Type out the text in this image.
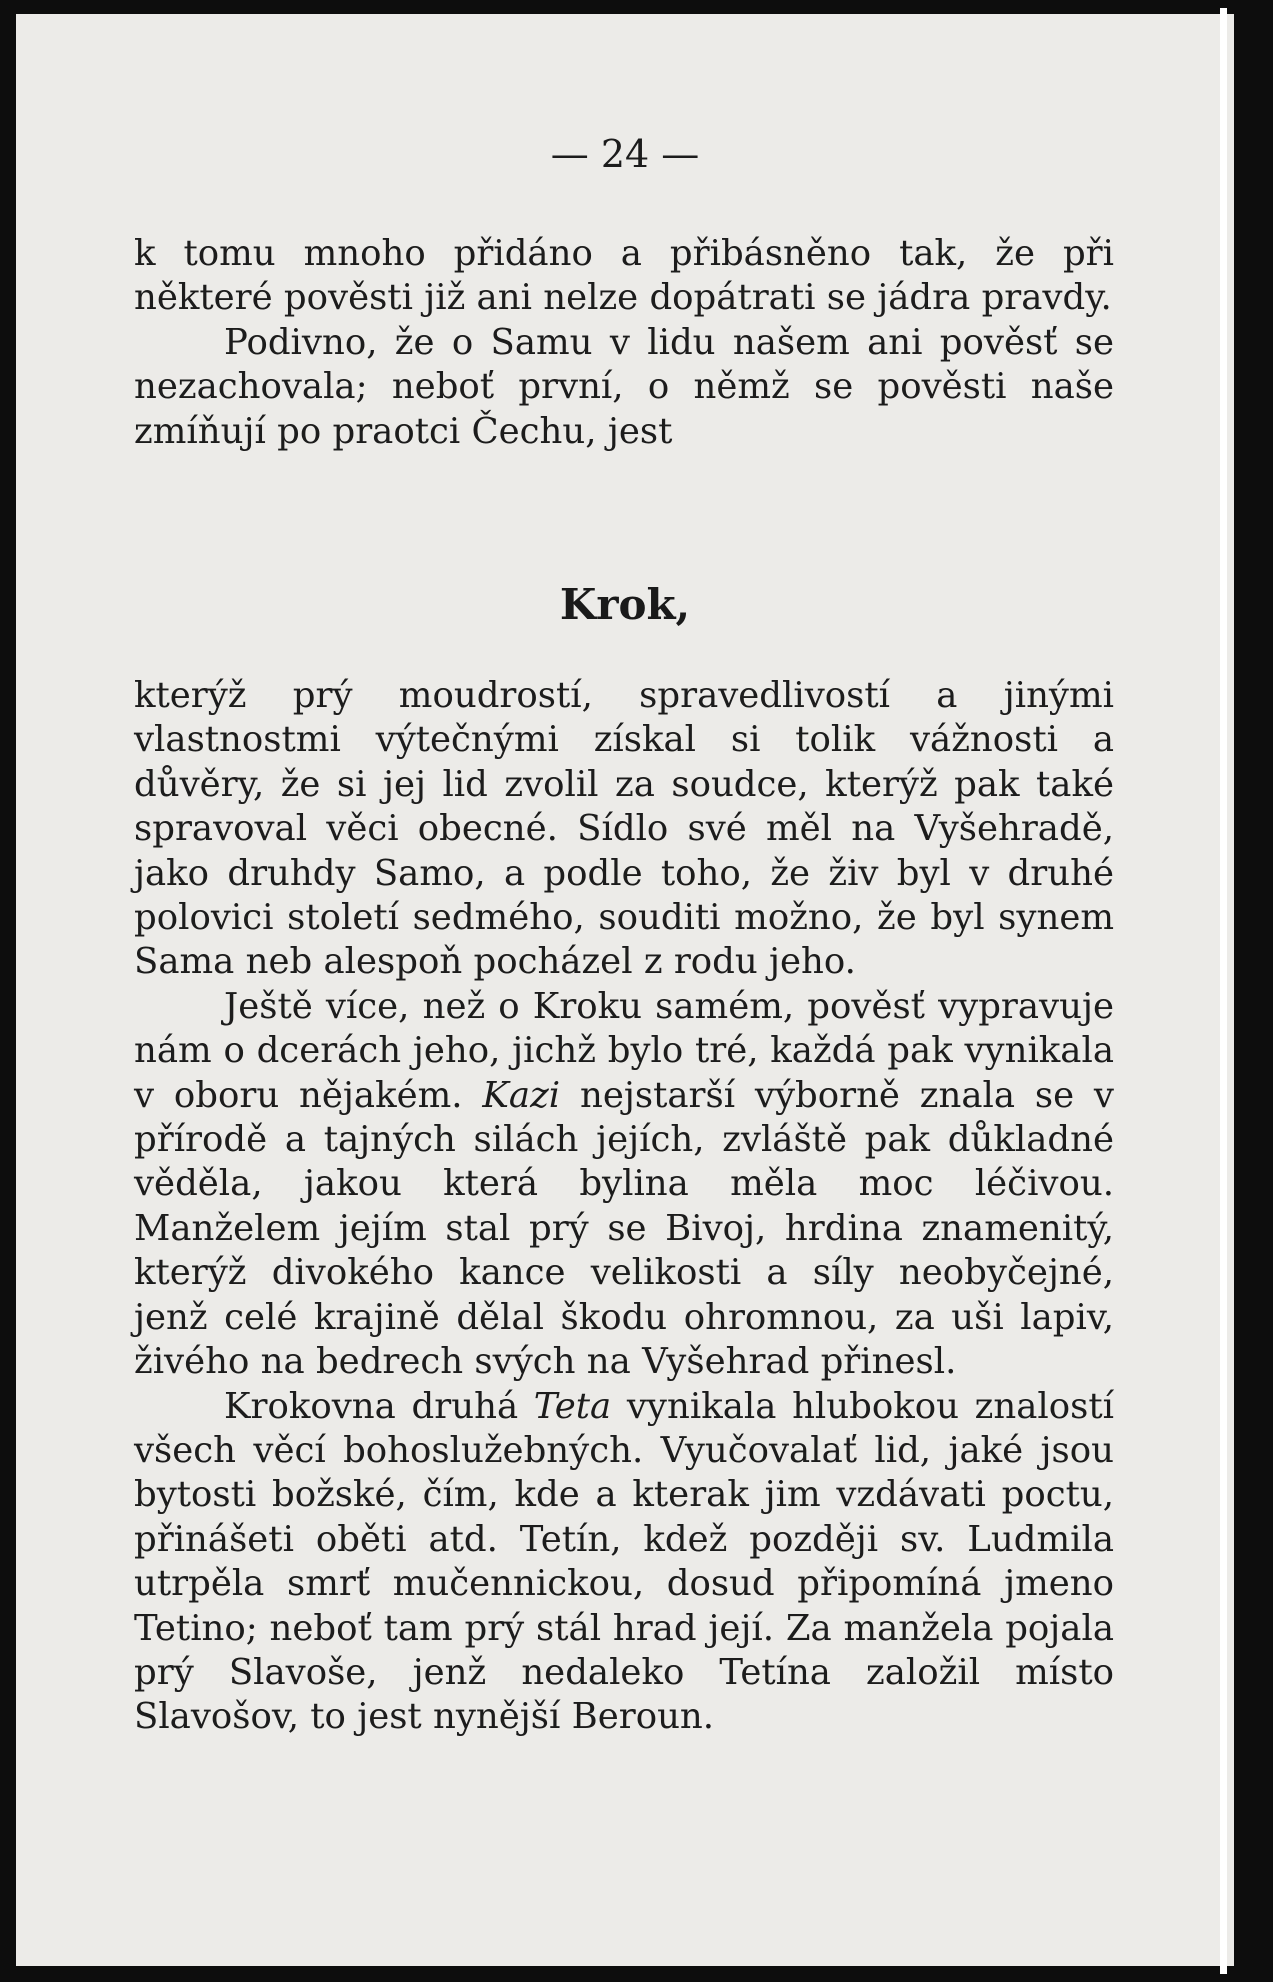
— 24 —

k tomu mnoho přidáno a přibásněno tak, že při některé pověsti již ani nelze dopátrati se jádra pravdy.

Podivno, že o Samu v lidu našem ani pověsť se nezachovala; neboť první, o němž se pověsti naše zmíňují po praotci Čechu, jest

Krok,

kterýž prý moudrostí, spravedlivostí a jinými vlastnostmi výtečnými získal si tolik vážnosti a důvěry, že si jej lid zvolil za soudce, kterýž pak také spravoval věci obecné. Sídlo své měl na Vyšehradě, jako druhdy Samo, a podle toho, že živ byl v druhé polovici století sedmého, souditi možno, že byl synem Sama neb alespoň pocházel z rodu jeho.

Ještě více, než o Kroku samém, pověsť vypravuje nám o dcerách jeho, jichž bylo tré, každá pak vynikala v oboru nějakém. Kazi nejstarší výborně znala se v přírodě a tajných silách jejích, zvláště pak důkladné věděla, jakou která bylina měla moc léčivou. Manželem jejím stal prý se Bivoj, hrdina znamenitý, kterýž divokého kance velikosti a síly neobyčejné, jenž celé krajině dělal škodu ohromnou, za uši lapiv, živého na bedrech svých na Vyšehrad přinesl.

Krokovna druhá Teta vynikala hlubokou znalostí všech věcí bohoslužebných. Vyučovalať lid, jaké jsou bytosti božské, čím, kde a kterak jim vzdávati poctu, přinášeti oběti atd. Tetín, kdež později sv. Ludmila utrpěla smrť mučennickou, dosud připomíná jmeno Tetino; neboť tam prý stál hrad její. Za manžela pojala prý Slavoše, jenž nedaleko Tetína založil místo Slavošov, to jest nynější Beroun.
